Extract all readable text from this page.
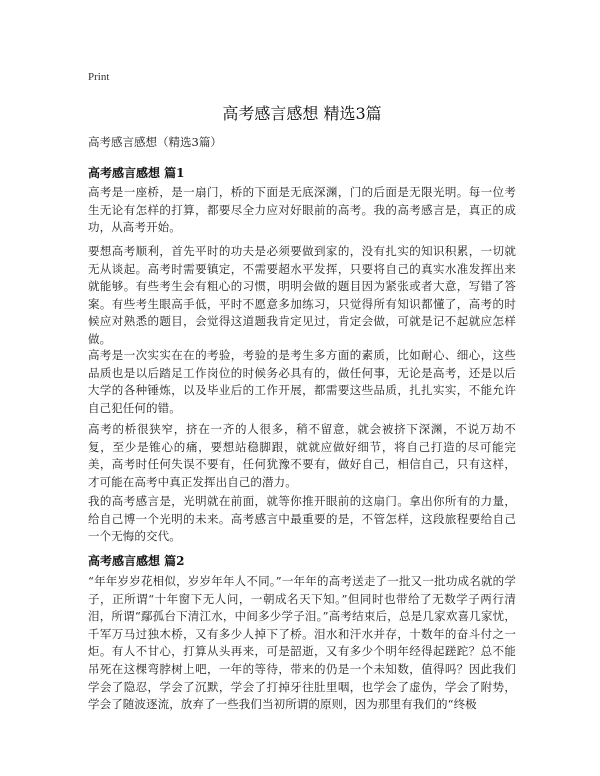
Print
高考感言感想 精选3篇
高考感言感想（精选3篇）
高考感言感想 篇1
高考是一座桥，是一扇门，桥的下面是无底深渊，门的后面是无限光明。每一位考生无论有怎样的打算，都要尽全力应对好眼前的高考。我的高考感言是，真正的成功，从高考开始。
要想高考顺利，首先平时的功夫是必须要做到家的，没有扎实的知识积累，一切就无从谈起。高考时需要镇定，不需要超水平发挥，只要将自己的真实水准发挥出来就能够。有些考生会有粗心的习惯，明明会做的题目因为紧张或者大意，写错了答案。有些考生眼高手低，平时不愿意多加练习，只觉得所有知识都懂了，高考的时候应对熟悉的题目，会觉得这道题我肯定见过，肯定会做，可就是记不起就应怎样做。
高考是一次实实在在的考验，考验的是考生多方面的素质，比如耐心、细心，这些品质也是以后踏足工作岗位的时候务必具有的，做任何事，无论是高考，还是以后大学的各种锤炼，以及毕业后的工作开展，都需要这些品质，扎扎实实，不能允许自己犯任何的错。
高考的桥很狭窄，挤在一齐的人很多，稍不留意，就会被挤下深渊，不说万劫不复，至少是锥心的痛，要想站稳脚跟，就就应做好细节，将自己打造的尽可能完美，高考时任何失误不要有，任何犹豫不要有，做好自己，相信自己，只有这样，才可能在高考中真正发挥出自己的潜力。
我的高考感言是，光明就在前面，就等你推开眼前的这扇门。拿出你所有的力量，给自己博一个光明的未来。高考感言中最重要的是，不管怎样，这段旅程要给自己一个无悔的交代。
高考感言感想 篇2
“年年岁岁花相似，岁岁年年人不同。”一年年的高考送走了一批又一批功成名就的学子，正所谓“十年窗下无人问，一朝成名天下知。”但同时也带给了无数学子两行清泪，所谓“鄢孤台下清江水，中间多少学子泪。”高考结束后，总是几家欢喜几家忧，千军万马过独木桥，又有多少人掉下了桥。泪水和汗水并存，十数年的奋斗付之一炬。有人不甘心，打算从头再来，可是韶逝，又有多少个明年经得起蹉跎？总不能吊死在这棵弯脖树上吧，一年的等待，带来的仍是一个未知数，值得吗？因此我们学会了隐忍，学会了沉默，学会了打掉牙往肚里咽，也学会了虚伪，学会了附势，学会了随波逐流，放弃了一些我们当初所谓的原则，因为那里有我们的“终极
